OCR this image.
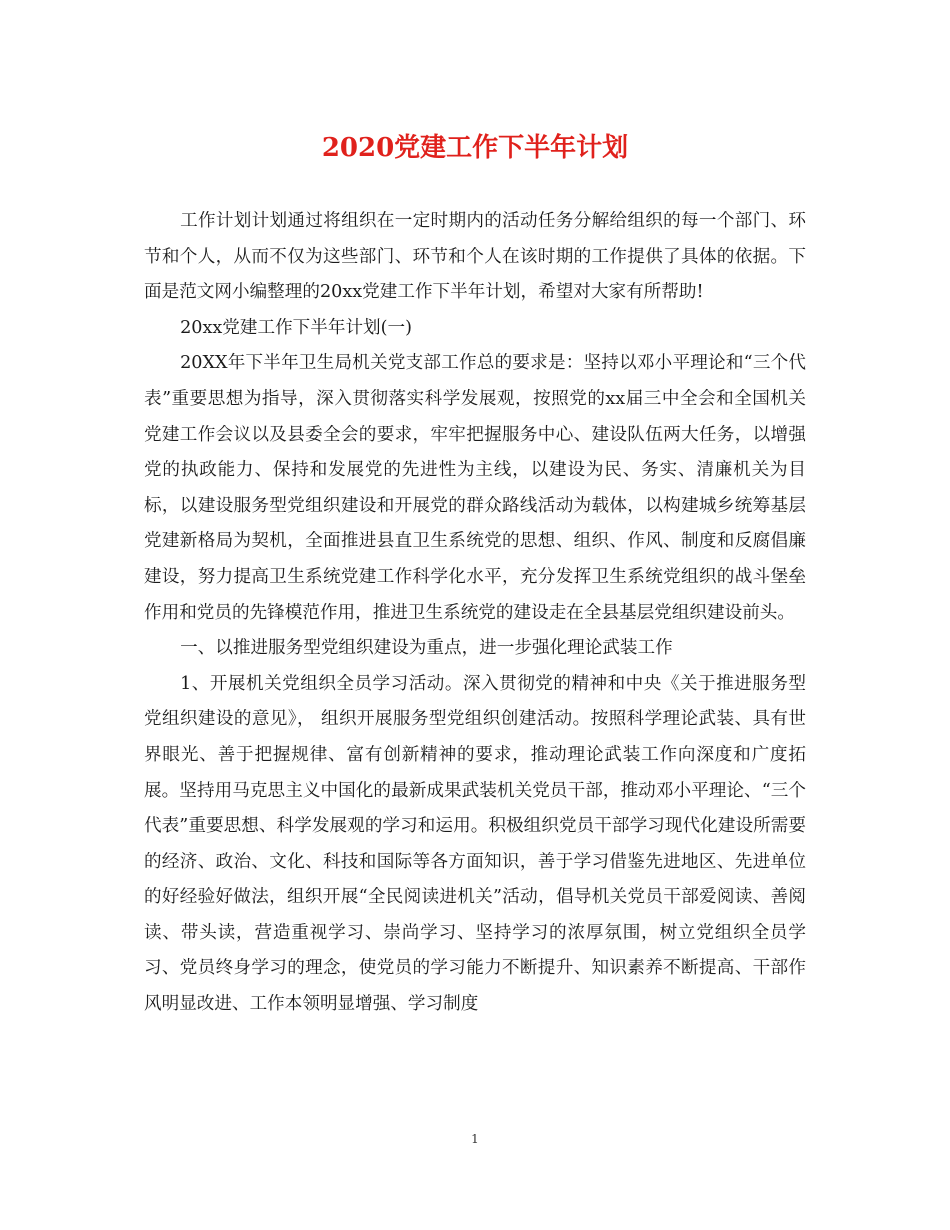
2020党建工作下半年计划

工作计划计划通过将组织在一定时期内的活动任务分解给组织的每一个部门、环节和个人，从而不仅为这些部门、环节和个人在该时期的工作提供了具体的依据。下面是范文网小编整理的20xx党建工作下半年计划，希望对大家有所帮助!

20xx党建工作下半年计划(一)

20XX年下半年卫生局机关党支部工作总的要求是：坚持以邓小平理论和“三个代表”重要思想为指导，深入贯彻落实科学发展观，按照党的xx届三中全会和全国机关党建工作会议以及县委全会的要求，牢牢把握服务中心、建设队伍两大任务，以增强党的执政能力、保持和发展党的先进性为主线，以建设为民、务实、清廉机关为目标，以建设服务型党组织建设和开展党的群众路线活动为载体，以构建城乡统筹基层党建新格局为契机，全面推进县直卫生系统党的思想、组织、作风、制度和反腐倡廉建设，努力提高卫生系统党建工作科学化水平，充分发挥卫生系统党组织的战斗堡垒作用和党员的先锋模范作用，推进卫生系统党的建设走在全县基层党组织建设前头。

一、以推进服务型党组织建设为重点，进一步强化理论武装工作

1、开展机关党组织全员学习活动。深入贯彻党的精神和中央《关于推进服务型党组织建设的意见》， 组织开展服务型党组织创建活动。按照科学理论武装、具有世界眼光、善于把握规律、富有创新精神的要求，推动理论武装工作向深度和广度拓展。坚持用马克思主义中国化的最新成果武装机关党员干部，推动邓小平理论、“三个代表”重要思想、科学发展观的学习和运用。积极组织党员干部学习现代化建设所需要的经济、政治、文化、科技和国际等各方面知识，善于学习借鉴先进地区、先进单位的好经验好做法，组织开展“全民阅读进机关”活动，倡导机关党员干部爱阅读、善阅读、带头读，营造重视学习、崇尚学习、坚持学习的浓厚氛围，树立党组织全员学习、党员终身学习的理念，使党员的学习能力不断提升、知识素养不断提高、干部作风明显改进、工作本领明显增强、学习制度

1
